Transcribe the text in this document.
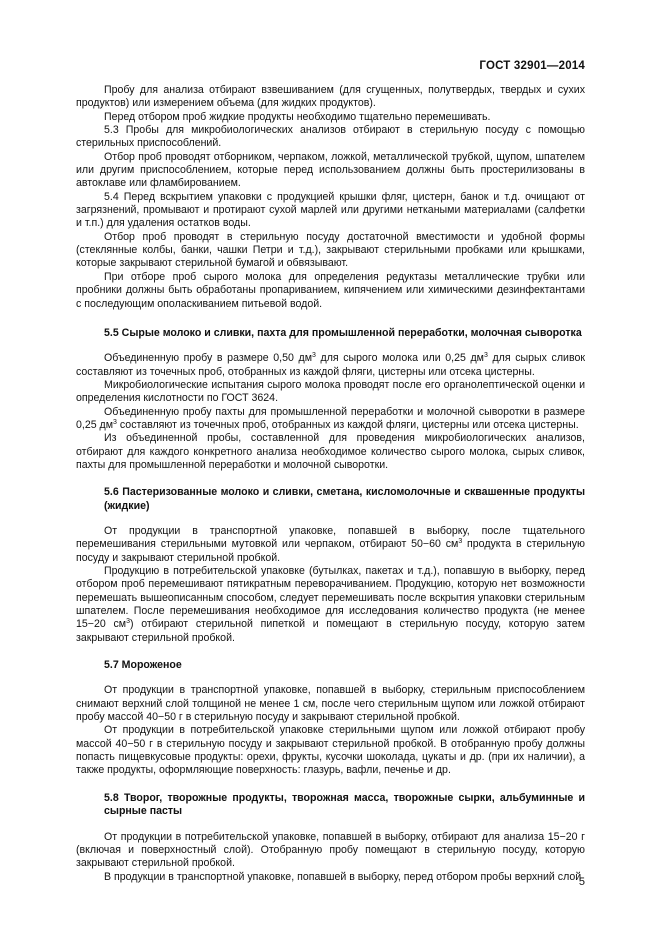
ГОСТ 32901—2014

Пробу для анализа отбирают взвешиванием (для сгущенных, полутвердых, твердых и сухих продуктов) или измерением объема (для жидких продуктов).

Перед отбором проб жидкие продукты необходимо тщательно перемешивать.

5.3 Пробы для микробиологических анализов отбирают в стерильную посуду с помощью стерильных приспособлений.

Отбор проб проводят отборником, черпаком, ложкой, металлической трубкой, щупом, шпателем или другим приспособлением, которые перед использованием должны быть простерилизованы в автоклаве или фламбированием.

5.4 Перед вскрытием упаковки с продукцией крышки фляг, цистерн, банок и т.д. очищают от загрязнений, промывают и протирают сухой марлей или другими неткаными материалами (салфетки и т.п.) для удаления остатков воды.

Отбор проб проводят в стерильную посуду достаточной вместимости и удобной формы (стеклянные колбы, банки, чашки Петри и т.д.), закрывают стерильными пробками или крышками, которые закрывают стерильной бумагой и обвязывают.

При отборе проб сырого молока для определения редуктазы металлические трубки или пробники должны быть обработаны пропариванием, кипячением или химическими дезинфектантами с последующим ополаскиванием питьевой водой.

5.5 Сырые молоко и сливки, пахта для промышленной переработки, молочная сыворотка

Объединенную пробу в размере 0,50 $дм^3$ для сырого молока или 0,25 $дм^3$ для сырых сливок составляют из точечных проб, отобранных из каждой фляги, цистерны или отсека цистерны.

Микробиологические испытания сырого молока проводят после его органолептической оценки и определения кислотности по ГОСТ 3624.

Объединенную пробу пахты для промышленной переработки и молочной сыворотки в размере 0,25 $дм^3$ составляют из точечных проб, отобранных из каждой фляги, цистерны или отсека цистерны.

Из объединенной пробы, составленной для проведения микробиологических анализов, отбирают для каждого конкретного анализа необходимое количество сырого молока, сырых сливок, пахты для промышленной переработки и молочной сыворотки.

5.6 Пастеризованные молоко и сливки, сметана, кисломолочные и сквашенные продукты (жидкие)

От продукции в транспортной упаковке, попавшей в выборку, после тщательного перемешивания стерильными мутовкой или черпаком, отбирают 50−60 $см^3$ продукта в стерильную посуду и закрывают стерильной пробкой.

Продукцию в потребительской упаковке (бутылках, пакетах и т.д.), попавшую в выборку, перед отбором проб перемешивают пятикратным переворачиванием. Продукцию, которую нет возможности перемешать вышеописанным способом, следует перемешивать после вскрытия упаковки стерильным шпателем. После перемешивания необходимое для исследования количество продукта (не менее 15−20 $см^3$) отбирают стерильной пипеткой и помещают в стерильную посуду, которую затем закрывают стерильной пробкой.

5.7 Мороженое

От продукции в транспортной упаковке, попавшей в выборку, стерильным приспособлением снимают верхний слой толщиной не менее 1 см, после чего стерильным щупом или ложкой отбирают пробу массой 40−50 г в стерильную посуду и закрывают стерильной пробкой.

От продукции в потребительской упаковке стерильными щупом или ложкой отбирают пробу массой 40−50 г в стерильную посуду и закрывают стерильной пробкой. В отобранную пробу должны попасть пищевкусовые продукты: орехи, фрукты, кусочки шоколада, цукаты и др. (при их наличии), а также продукты, оформляющие поверхность: глазурь, вафли, печенье и др.

5.8 Творог, творожные продукты, творожная масса, творожные сырки, альбуминные и сырные пасты

От продукции в потребительской упаковке, попавшей в выборку, отбирают для анализа 15−20 г (включая и поверхностный слой). Отобранную пробу помещают в стерильную посуду, которую закрывают стерильной пробкой.

В продукции в транспортной упаковке, попавшей в выборку, перед отбором пробы верхний слой

5
